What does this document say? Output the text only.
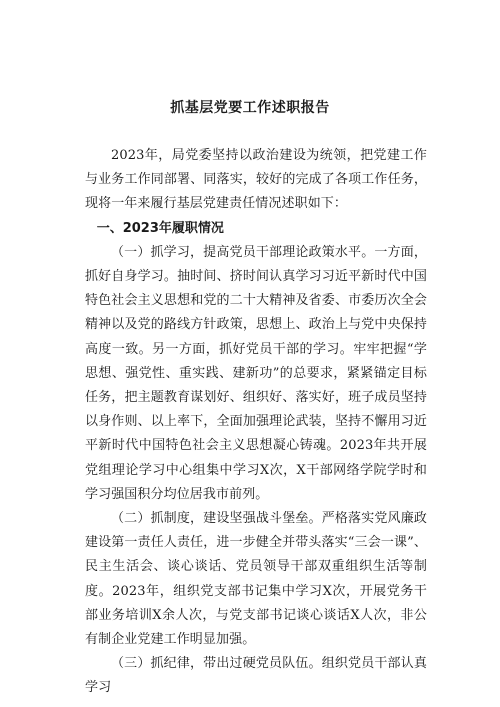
抓基层党要工作述职报告

2023年，局党委坚持以政治建设为统领，把党建工作与业务工作同部署、同落实，较好的完成了各项工作任务，现将一年来履行基层党建责任情况述职如下：

一、2023年履职情况

（一）抓学习，提高党员干部理论政策水平。一方面，抓好自身学习。抽时间、挤时间认真学习习近平新时代中国特色社会主义思想和党的二十大精神及省委、市委历次全会精神以及党的路线方针政策，思想上、政治上与党中央保持高度一致。另一方面，抓好党员干部的学习。牢牢把握“学思想、强党性、重实践、建新功”的总要求，紧紧锚定目标任务，把主题教育谋划好、组织好、落实好，班子成员坚持以身作则、以上率下，全面加强理论武装，坚持不懈用习近平新时代中国特色社会主义思想凝心铸魂。2023年共开展党组理论学习中心组集中学习X次，X干部网络学院学时和学习强国积分均位居我市前列。

（二）抓制度，建设坚强战斗堡垒。严格落实党风廉政建设第一责任人责任，进一步健全并带头落实“三会一课”、民主生活会、谈心谈话、党员领导干部双重组织生活等制度。2023年，组织党支部书记集中学习X次，开展党务干部业务培训X余人次，与党支部书记谈心谈话X人次，非公有制企业党建工作明显加强。

（三）抓纪律，带出过硬党员队伍。组织党员干部认真学习
